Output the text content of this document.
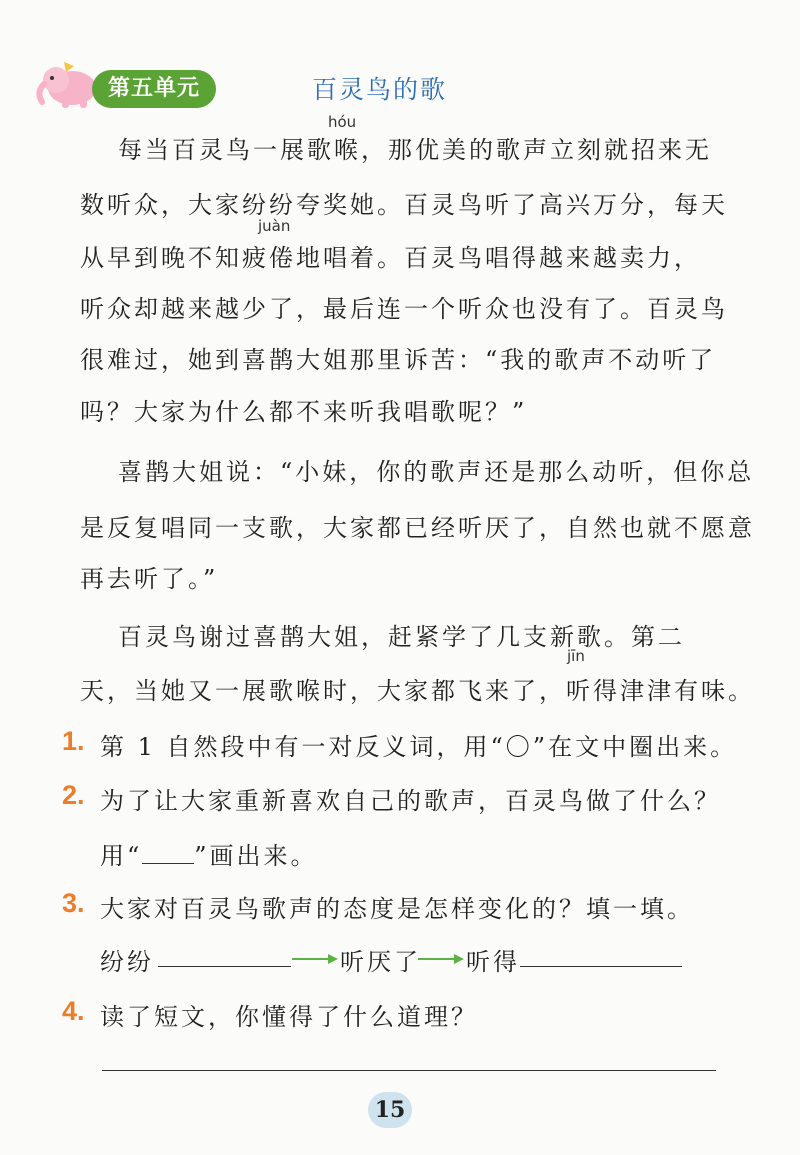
第五单元	百灵鸟的歌
hóu
juàn
jīn
每当百灵鸟一展歌喉，那优美的歌声立刻就招来无
数听众，大家纷纷夸奖她。百灵鸟听了高兴万分，每天
从早到晚不知疲倦地唱着。百灵鸟唱得越来越卖力，
听众却越来越少了，最后连一个听众也没有了。百灵鸟
很难过，她到喜鹊大姐那里诉苦：“我的歌声不动听了
吗？大家为什么都不来听我唱歌呢？”
喜鹊大姐说：“小妹，你的歌声还是那么动听，但你总
是反复唱同一支歌，大家都已经听厌了，自然也就不愿意
再去听了。”
百灵鸟谢过喜鹊大姐，赶紧学了几支新歌。第二
天，当她又一展歌喉时，大家都飞来了，听得津津有味。
1. 第 1 自然段中有一对反义词，用“〇”在文中圈出来。
2. 为了让大家重新喜欢自己的歌声，百灵鸟做了什么？
用“ ”画出来。
3. 大家对百灵鸟歌声的态度是怎样变化的？填一填。
纷纷	听厌了 听得
4. 读了短文，你懂得了什么道理？
15
